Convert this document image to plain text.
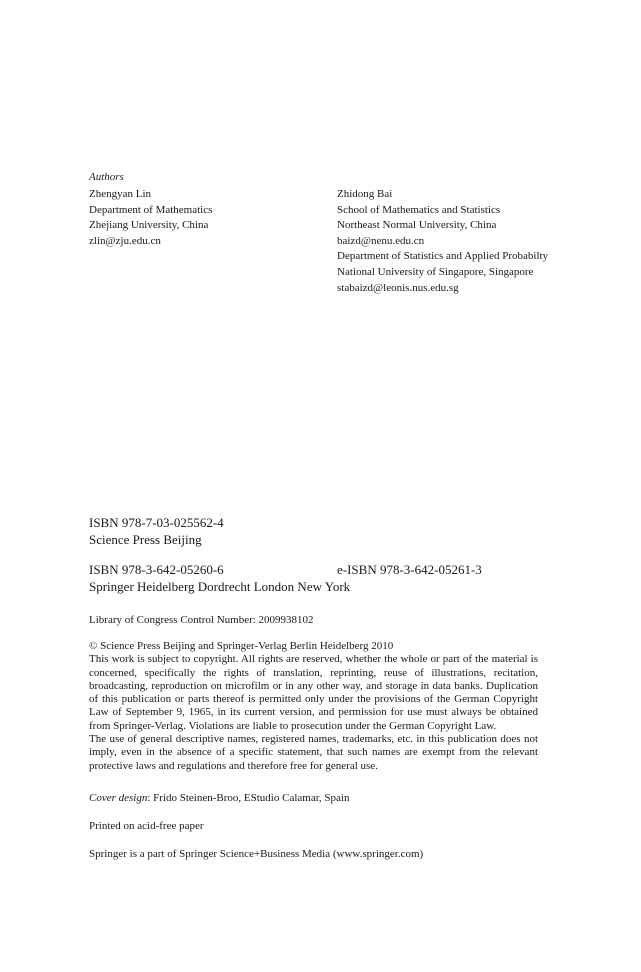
Authors
Zhengyan Lin
Department of Mathematics
Zhejiang University, China
zlin@zju.edu.cn
Zhidong Bai
School of Mathematics and Statistics
Northeast Normal University, China
baizd@nenu.edu.cn
Department of Statistics and Applied Probabilty
National University of Singapore, Singapore
stabaizd@leonis.nus.edu.sg
ISBN 978-7-03-025562-4
Science Press Beijing
ISBN 978-3-642-05260-6	e-ISBN 978-3-642-05261-3
Springer Heidelberg Dordrecht London New York
Library of Congress Control Number: 2009938102

© Science Press Beijing and Springer-Verlag Berlin Heidelberg 2010

This work is subject to copyright. All rights are reserved, whether the whole or part of the material is concerned, specifically the rights of translation, reprinting, reuse of illustrations, recitation, broadcasting, reproduction on microfilm or in any other way, and storage in data banks. Duplication of this publication or parts thereof is permitted only under the provisions of the German Copyright Law of September 9, 1965, in its current version, and permission for use must always be obtained from Springer-Verlag. Violations are liable to prosecution under the German Copyright Law.

The use of general descriptive names, registered names, trademarks, etc. in this publication does not imply, even in the absence of a specific statement, that such names are exempt from the relevant protective laws and regulations and therefore free for general use.

Cover design: Frido Steinen-Broo, EStudio Calamar, Spain
Printed on acid-free paper
Springer is a part of Springer Science+Business Media (www.springer.com)
